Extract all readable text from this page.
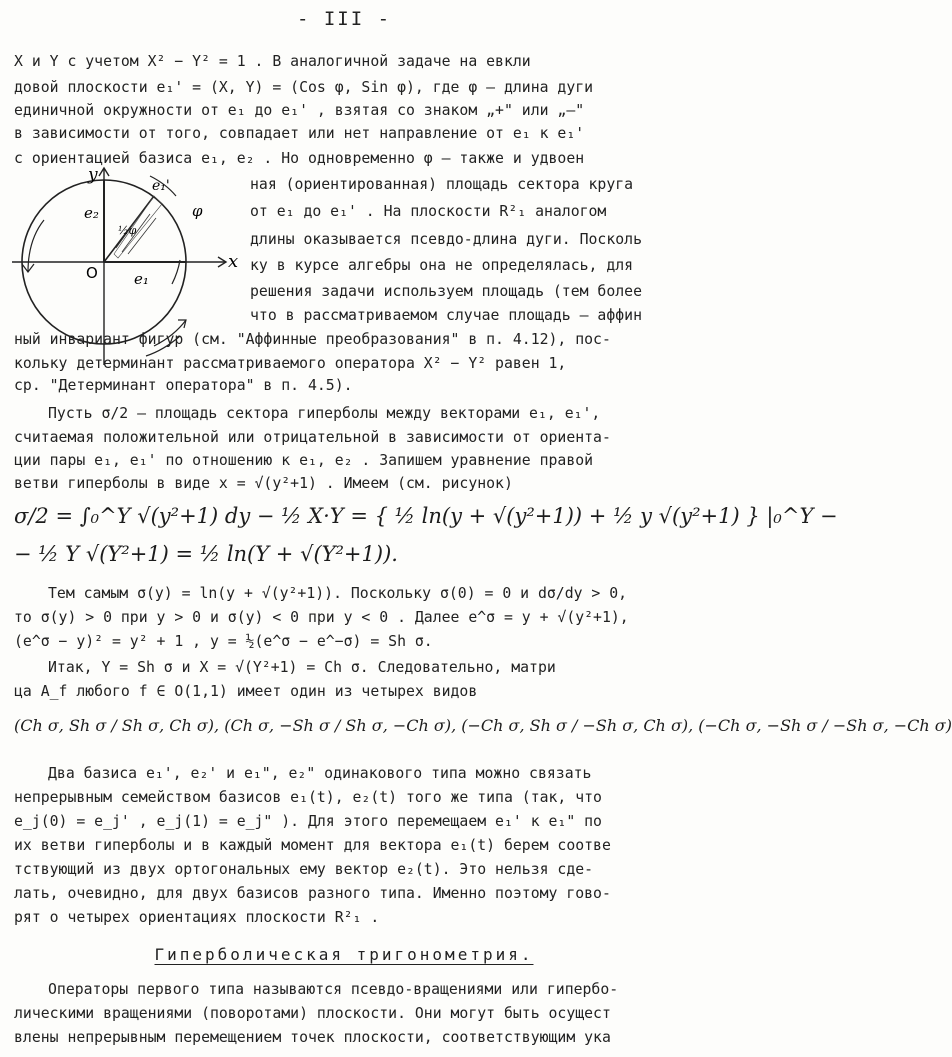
- III -
X и Y с учетом X² − Y² = 1 . В аналогичной задаче на евкли
довой плоскости e₁' = (X, Y) = (Cos φ, Sin φ), где φ – длина дуги
единичной окружности от e₁ до e₁' , взятая со знаком „+" или „–"
в зависимости от того, совпадает или нет направление от e₁ к e₁'
с ориентацией базиса e₁, e₂ . Но одновременно φ – также и удвоен
x
y
O e₁
e₂
e₁'
φ
½φ
ная (ориентированная) площадь сектора круга
от e₁ до e₁' . На плоскости R²₁ аналогом
длины оказывается псевдо-длина дуги. Посколь
ку в курсе алгебры она не определялась, для
решения задачи используем площадь (тем более
что в рассматриваемом случае площадь – аффин
ный инвариант фигур (см. "Аффинные преобразования" в п. 4.12), пос-
кольку детерминант рассматриваемого оператора X² − Y² равен 1,
ср. "Детерминант оператора" в п. 4.5).
Пусть σ/2 – площадь сектора гиперболы между векторами e₁, e₁',
считаемая положительной или отрицательной в зависимости от ориента-
ции пары e₁, e₁' по отношению к e₁, e₂ . Запишем уравнение правой
ветви гиперболы в виде x = √(y²+1) . Имеем (см. рисунок)
σ/2 = ∫₀^Y √(y²+1) dy − ½ X·Y = { ½ ln(y + √(y²+1)) + ½ y √(y²+1) } |₀^Y −
− ½ Y √(Y²+1) = ½ ln(Y + √(Y²+1)).
Тем самым σ(y) = ln(y + √(y²+1)). Поскольку σ(0) = 0 и dσ/dy > 0,
то σ(y) > 0 при y > 0 и σ(y) < 0 при y < 0 . Далее e^σ = y + √(y²+1),
(e^σ − y)² = y² + 1 , y = ½(e^σ − e^−σ) = Sh σ.
Итак, Y = Sh σ и X = √(Y²+1) = Ch σ. Следовательно, матри
ца A_f любого f ∈ O(1,1) имеет один из четырех видов
(Ch σ, Sh σ / Sh σ, Ch σ), (Ch σ, −Sh σ / Sh σ, −Ch σ), (−Ch σ, Sh σ / −Sh σ, Ch σ), (−Ch σ, −Sh σ / −Sh σ, −Ch σ)
Два базиса e₁', e₂' и e₁", e₂" одинакового типа можно связать
непрерывным семейством базисов e₁(t), e₂(t) того же типа (так, что
e_j(0) = e_j' , e_j(1) = e_j" ). Для этого перемещаем e₁' к e₁" по
их ветви гиперболы и в каждый момент для вектора e₁(t) берем соотве
тствующий из двух ортогональных ему вектор e₂(t). Это нельзя сде-
лать, очевидно, для двух базисов разного типа. Именно поэтому гово-
рят о четырех ориентациях плоскости R²₁ .
Гиперболическая тригонометрия.
Операторы первого типа называются псевдо-вращениями или гипербо-
лическими вращениями (поворотами) плоскости. Они могут быть осущест
влены непрерывным перемещением точек плоскости, соответствующим ука
